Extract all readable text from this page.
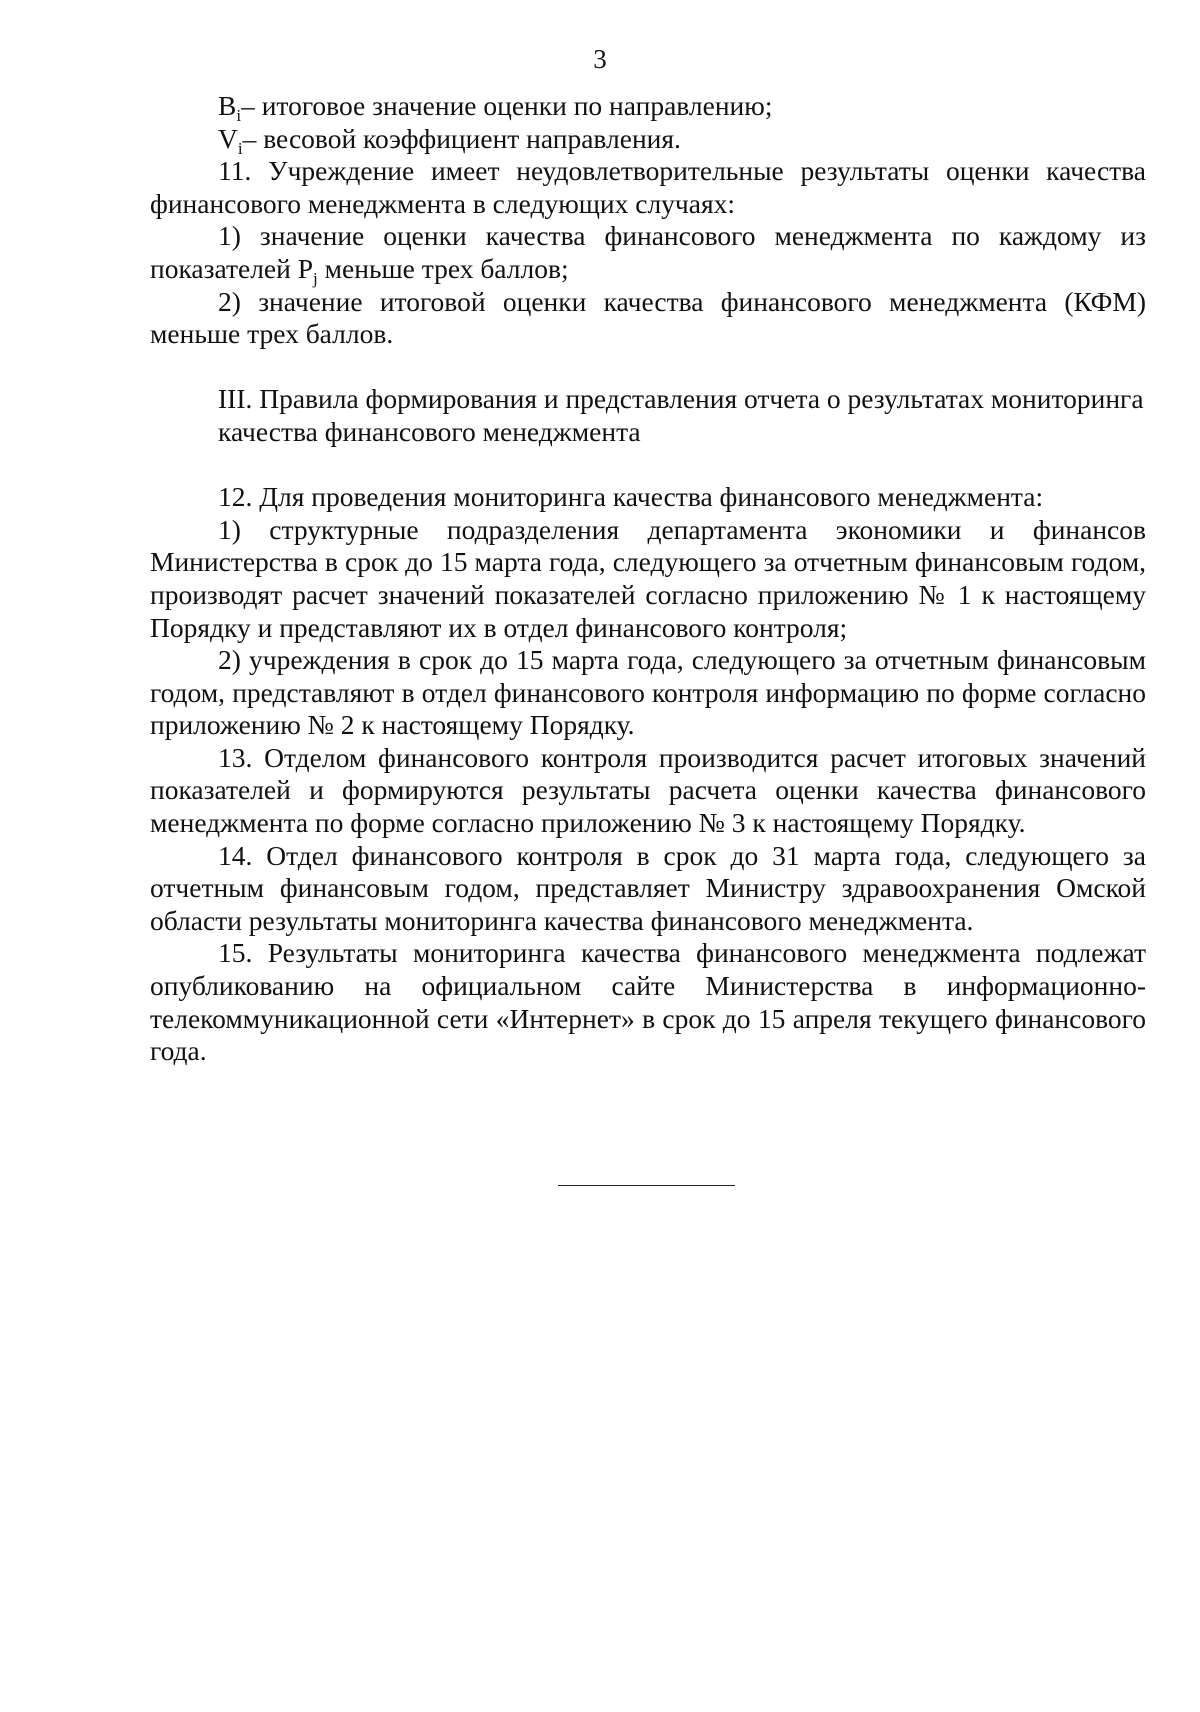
3

$B_i-$ итоговое значение оценки по направлению;

$V_i-$ весовой коэффициент направления.

11. Учреждение имеет неудовлетворительные результаты оценки качества финансового менеджмента в следующих случаях:

1) значение оценки качества финансового менеджмента по каждому из показателей $P_j$ меньше трех баллов;

2) значение итоговой оценки качества финансового менеджмента (КФМ) меньше трех баллов.

III. Правила формирования и представления отчета о результатах мониторинга

качества финансового менеджмента

12. Для проведения мониторинга качества финансового менеджмента:

1) структурные подразделения департамента экономики и финансов Министерства в срок до 15 марта года, следующего за отчетным финансовым годом, производят расчет значений показателей согласно приложению № 1 к настоящему Порядку и представляют их в отдел финансового контроля;

2) учреждения в срок до 15 марта года, следующего за отчетным финансовым годом, представляют в отдел финансового контроля информацию по форме согласно приложению № 2 к настоящему Порядку.

13. Отделом финансового контроля производится расчет итоговых значений показателей и формируются результаты расчета оценки качества финансового менеджмента по форме согласно приложению № 3 к настоящему Порядку.

14. Отдел финансового контроля в срок до 31 марта года, следующего за отчетным финансовым годом, представляет Министру здравоохранения Омской области результаты мониторинга качества финансового менеджмента.

15. Результаты мониторинга качества финансового менеджмента подлежат опубликованию на официальном сайте Министерства в информационно-телекоммуникационной сети «Интернет» в срок до 15 апреля текущего финансового года.
